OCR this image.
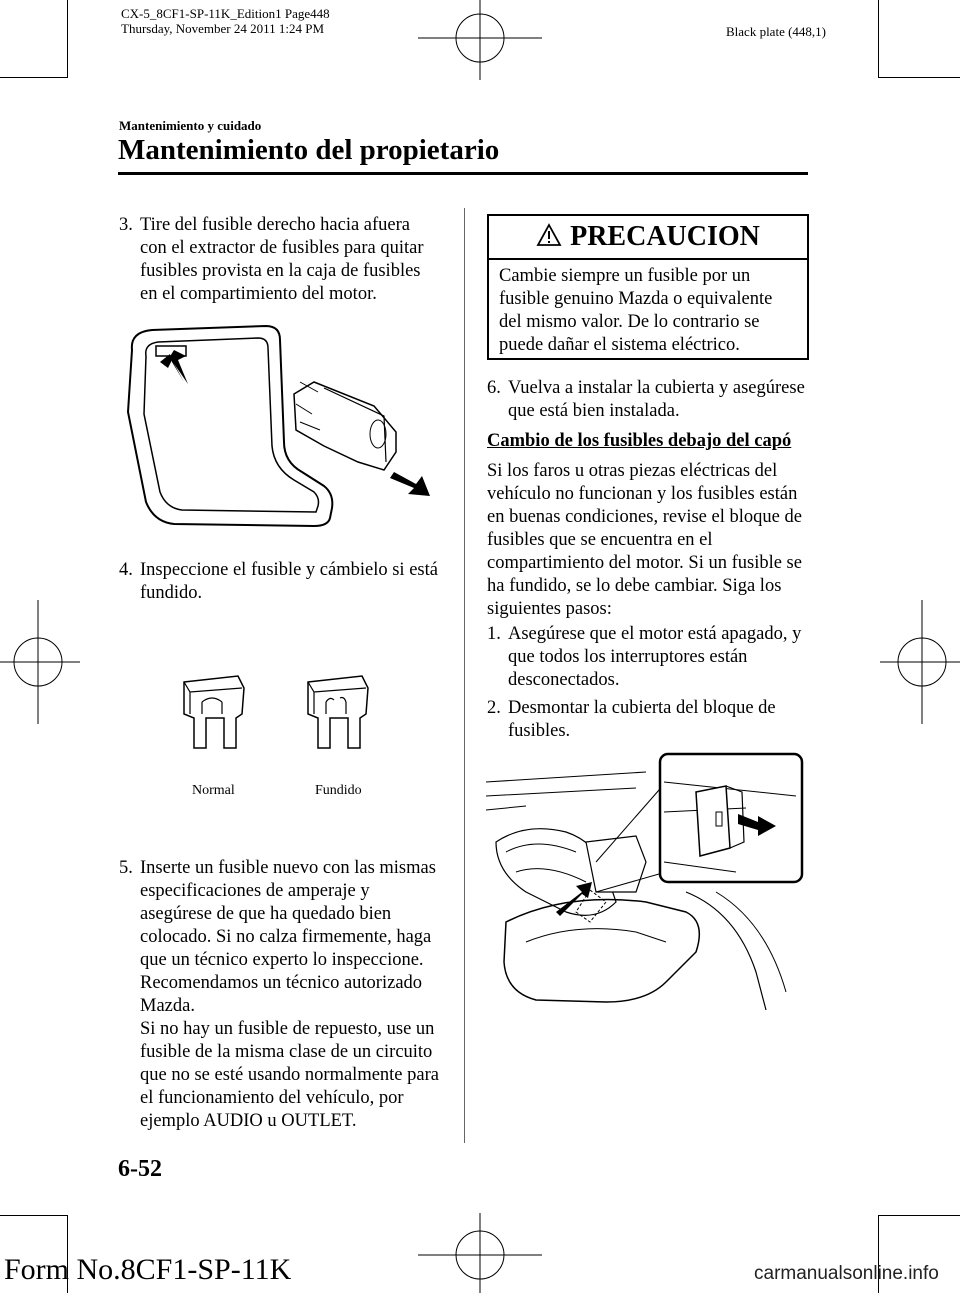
CX-5_8CF1-SP-11K_Edition1 Page448
Thursday, November 24 2011 1:24 PM	Black plate (448,1)
Mantenimiento y cuidado
Mantenimiento del propietario
3. Tire del fusible derecho hacia afuera con el extractor de fusibles para quitar fusibles provista en la caja de fusibles en el compartimiento del motor.
4. Inspeccione el fusible y cámbielo si está fundido.
Normal	Fundido
5. Inserte un fusible nuevo con las mismas especificaciones de amperaje y asegúrese de que ha quedado bien colocado. Si no calza firmemente, haga que un técnico experto lo inspeccione. Recomendamos un técnico autorizado Mazda.
Si no hay un fusible de repuesto, use un fusible de la misma clase de un circuito que no se esté usando normalmente para el funcionamiento del vehículo, por ejemplo AUDIO u OUTLET.
PRECAUCION
Cambie siempre un fusible por un fusible genuino Mazda o equivalente del mismo valor. De lo contrario se puede dañar el sistema eléctrico.
6. Vuelva a instalar la cubierta y asegúrese que está bien instalada.
Cambio de los fusibles debajo del capó
Si los faros u otras piezas eléctricas del vehículo no funcionan y los fusibles están en buenas condiciones, revise el bloque de fusibles que se encuentra en el compartimiento del motor. Si un fusible se ha fundido, se lo debe cambiar. Siga los siguientes pasos:
1. Asegúrese que el motor está apagado, y que todos los interruptores están desconectados.
2. Desmontar la cubierta del bloque de fusibles.
6-52
Form No.8CF1-SP-11K	carmanualsonline.info
